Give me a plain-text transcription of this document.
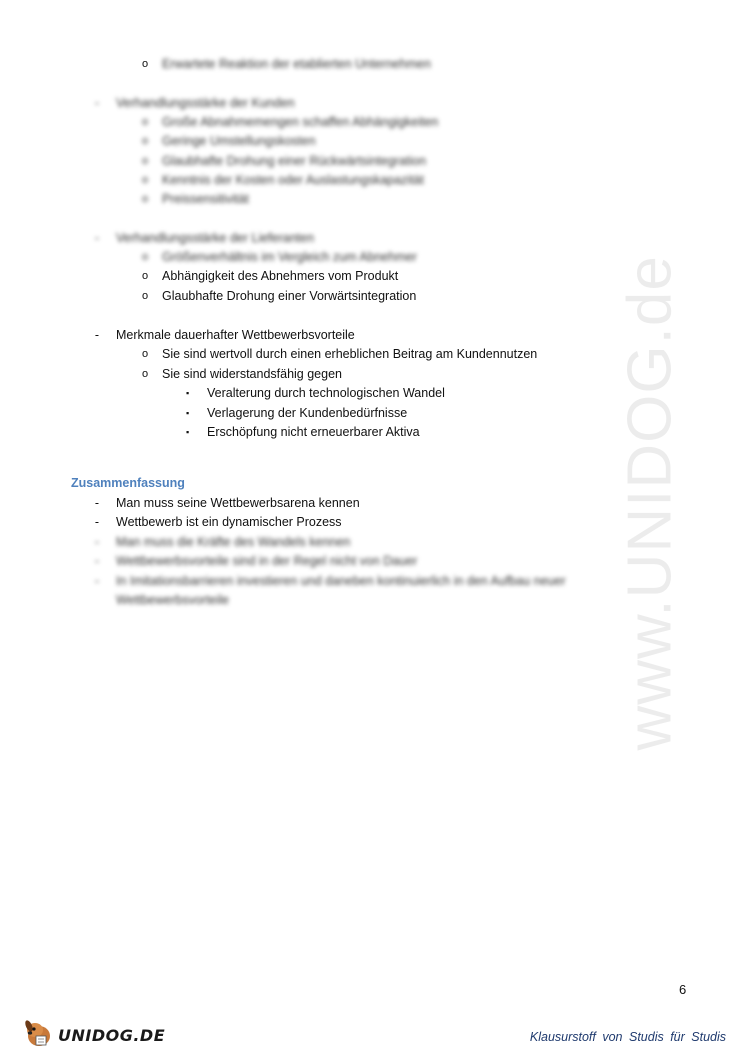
www.UNIDOG.de
o Erwartete Reaktion der etablierten Unternehmen
- Verhandlungsstärke der Kunden
o Große Abnahmemengen schaffen Abhängigkeiten
o Geringe Umstellungskosten
o Glaubhafte Drohung einer Rückwärtsintegration
o Kenntnis der Kosten oder Auslastungskapazität
o Preissensitivität
- Verhandlungsstärke der Lieferanten
o Größenverhältnis im Vergleich zum Abnehmer
o Abhängigkeit des Abnehmers vom Produkt
o Glaubhafte Drohung einer Vorwärtsintegration
- Merkmale dauerhafter Wettbewerbsvorteile
o Sie sind wertvoll durch einen erheblichen Beitrag am Kundennutzen
o Sie sind widerstandsfähig gegen
▪ Veralterung durch technologischen Wandel
▪ Verlagerung der Kundenbedürfnisse
▪ Erschöpfung nicht erneuerbarer Aktiva
Zusammenfassung
- Man muss seine Wettbewerbsarena kennen
- Wettbewerb ist ein dynamischer Prozess
- Man muss die Kräfte des Wandels kennen
- Wettbewerbsvorteile sind in der Regel nicht von Dauer
- In Imitationsbarrieren investieren und daneben kontinuierlich in den Aufbau neuer
Wettbewerbsvorteile
6
UNIDOG.DE	Klausurstoff von Studis für Studis
